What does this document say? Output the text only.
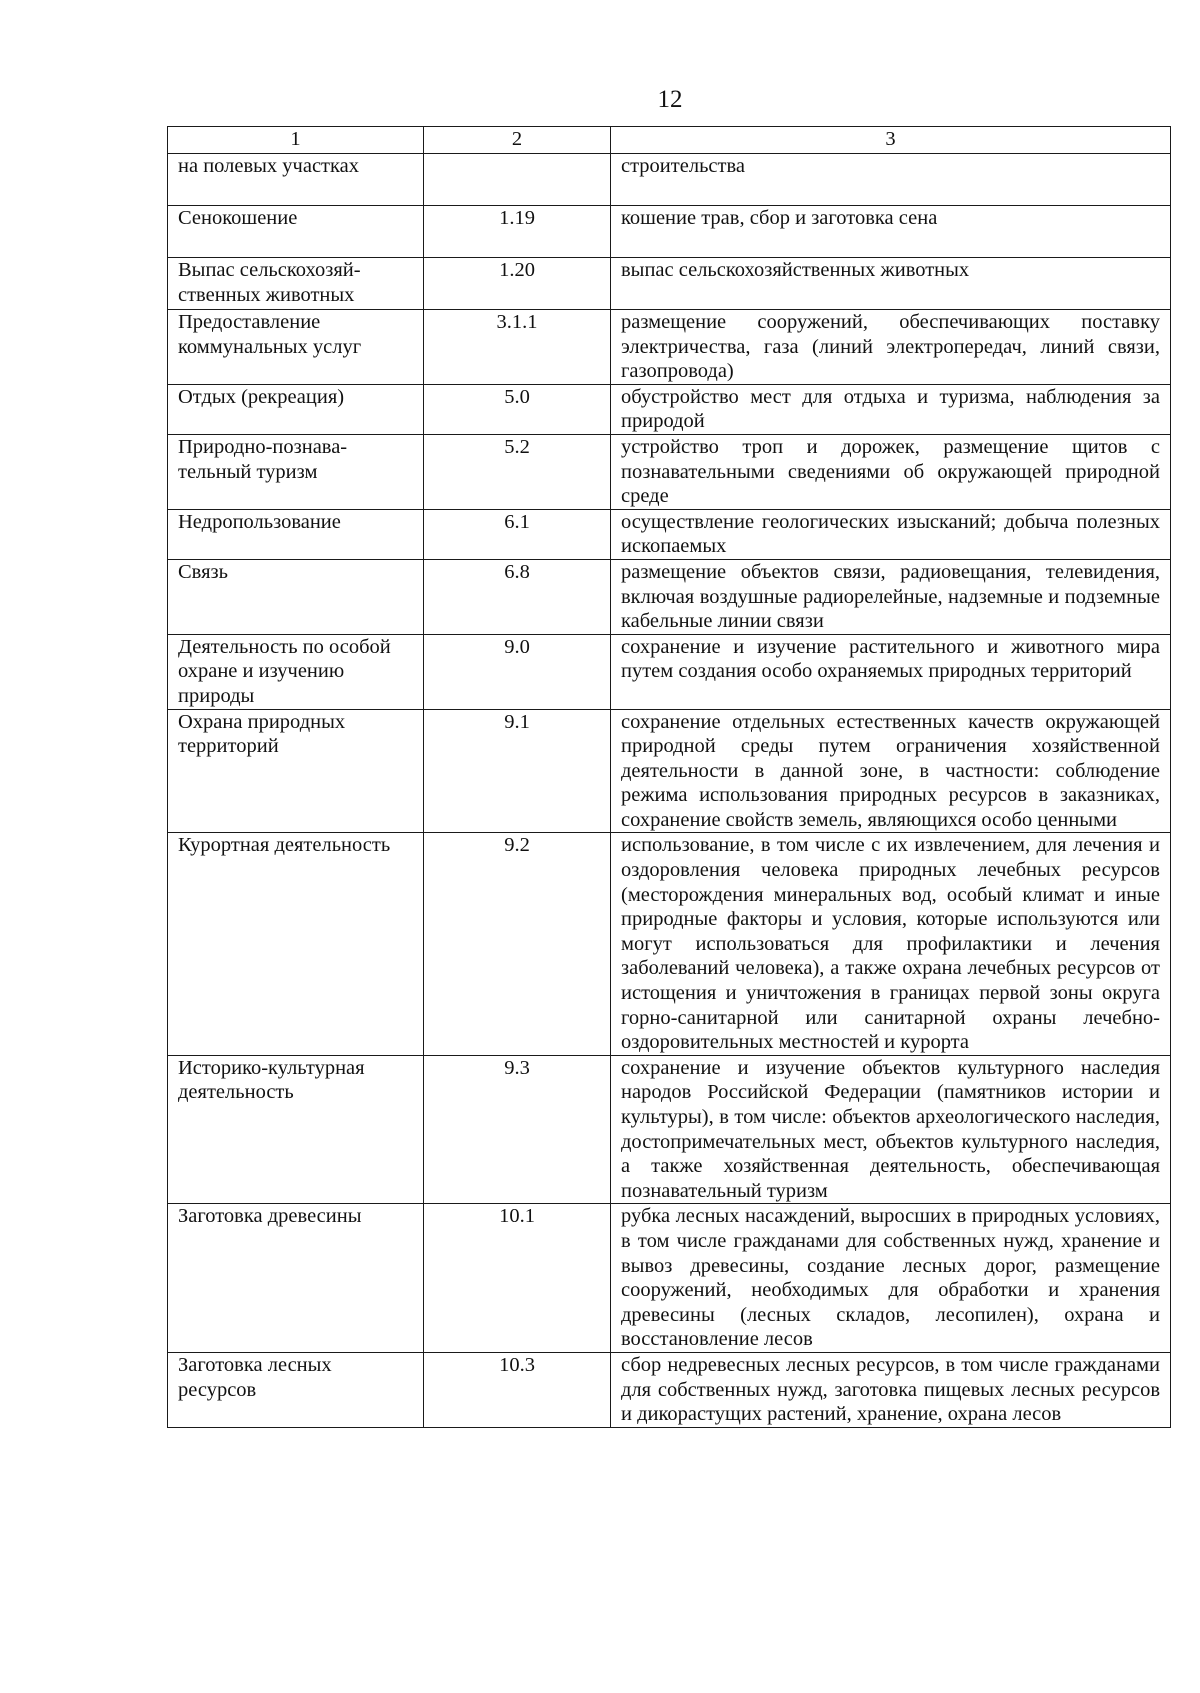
12
1	2	3
на полевых участках		строительства
Сенокошение	1.19	кошение трав, сбор и заготовка сена
Выпас сельскохозяй-ственных животных	1.20	выпас сельскохозяйственных животных
Предоставление коммунальных услуг	3.1.1	размещение сооружений, обеспечивающих поставку электричества, газа (линий электропередач, линий связи, газопровода)
Отдых (рекреация)	5.0	обустройство мест для отдыха и туризма, наблюдения за природой
Природно-познава-тельный туризм	5.2	устройство троп и дорожек, размещение щитов с познавательными сведениями об окружающей природной среде
Недропользование	6.1	осуществление геологических изысканий; добыча полезных ископаемых
Связь	6.8	размещение объектов связи, радиовещания, телевидения, включая воздушные радиорелейные, надземные и подземные кабельные линии связи
Деятельность по особой охране и изучению природы	9.0	сохранение и изучение растительного и животного мира путем создания особо охраняемых природных территорий
Охрана природных территорий	9.1	сохранение отдельных естественных качеств окружающей природной среды путем ограничения хозяйственной деятельности в данной зоне, в частности: соблюдение режима использования природных ресурсов в заказниках, сохранение свойств земель, являющихся особо ценными
Курортная деятельность	9.2	использование, в том числе с их извлечением, для лечения и оздоровления человека природных лечебных ресурсов (месторождения минеральных вод, особый климат и иные природные факторы и условия, которые используются или могут использоваться для профилактики и лечения заболеваний человека), а также охрана лечебных ресурсов от истощения и уничтожения в границах первой зоны округа горно-санитарной или санитарной охраны лечебно-оздоровительных местностей и курорта
Историко-культурная деятельность	9.3	сохранение и изучение объектов культурного наследия народов Российской Федерации (памятников истории и культуры), в том числе: объектов археологического наследия, достопримечательных мест, объектов культурного наследия, а также хозяйственная деятельность, обеспечивающая познавательный туризм
Заготовка древесины	10.1	рубка лесных насаждений, выросших в природных условиях, в том числе гражданами для собственных нужд, хранение и вывоз древесины, создание лесных дорог, размещение сооружений, необходимых для обработки и хранения древесины (лесных складов, лесопилен), охрана и восстановление лесов
Заготовка лесных ресурсов	10.3	сбор недревесных лесных ресурсов, в том числе гражданами для собственных нужд, заготовка пищевых лесных ресурсов и дикорастущих растений, хранение, охрана лесов
